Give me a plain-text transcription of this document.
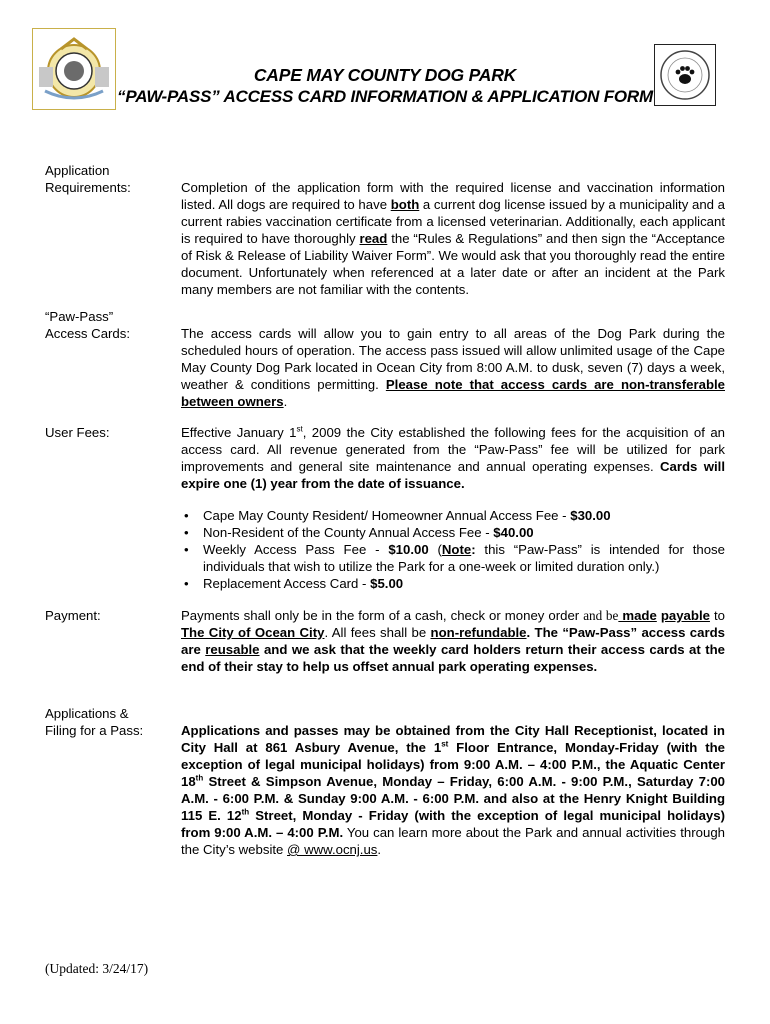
CAPE MAY COUNTY DOG PARK
“PAW-PASS” ACCESS CARD INFORMATION & APPLICATION FORM
Application
Requirements:	Completion of the application form with the required license and vaccination information listed. All dogs are required to have both a current dog license issued by a municipality and a current rabies vaccination certificate from a licensed veterinarian. Additionally, each applicant is required to have thoroughly read the “Rules & Regulations” and then sign the “Acceptance of Risk & Release of Liability Waiver Form”. We would ask that you thoroughly read the entire document. Unfortunately when referenced at a later date or after an incident at the Park many members are not familiar with the contents.
“Paw-Pass”
Access Cards:	The access cards will allow you to gain entry to all areas of the Dog Park during the scheduled hours of operation. The access pass issued will allow unlimited usage of the Cape May County Dog Park located in Ocean City from 8:00 A.M. to dusk, seven (7) days a week, weather & conditions permitting. Please note that access cards are non-transferable between owners.
User Fees:	Effective January 1st, 2009 the City established the following fees for the acquisition of an access card. All revenue generated from the “Paw-Pass” fee will be utilized for park improvements and general site maintenance and annual operating expenses. Cards will expire one (1) year from the date of issuance.
• Cape May County Resident/ Homeowner Annual Access Fee - $30.00
• Non-Resident of the County Annual Access Fee - $40.00
• Weekly Access Pass Fee - $10.00 (Note: this “Paw-Pass” is intended for those individuals that wish to utilize the Park for a one-week or limited duration only.)
• Replacement Access Card - $5.00
Payment:	Payments shall only be in the form of a cash, check or money order and be made payable to The City of Ocean City. All fees shall be non-refundable. The “Paw-Pass” access cards are reusable and we ask that the weekly card holders return their access cards at the end of their stay to help us offset annual park operating expenses.
Applications &
Filing for a Pass:	Applications and passes may be obtained from the City Hall Receptionist, located in City Hall at 861 Asbury Avenue, the 1st Floor Entrance, Monday-Friday (with the exception of legal municipal holidays) from 9:00 A.M. – 4:00 P.M., the Aquatic Center 18th Street & Simpson Avenue, Monday – Friday, 6:00 A.M. - 9:00 P.M., Saturday 7:00 A.M. - 6:00 P.M. & Sunday 9:00 A.M. - 6:00 P.M. and also at the Henry Knight Building 115 E. 12th Street, Monday - Friday (with the exception of legal municipal holidays) from 9:00 A.M. – 4:00 P.M. You can learn more about the Park and annual activities through the City’s website @ www.ocnj.us.
(Updated: 3/24/17)
